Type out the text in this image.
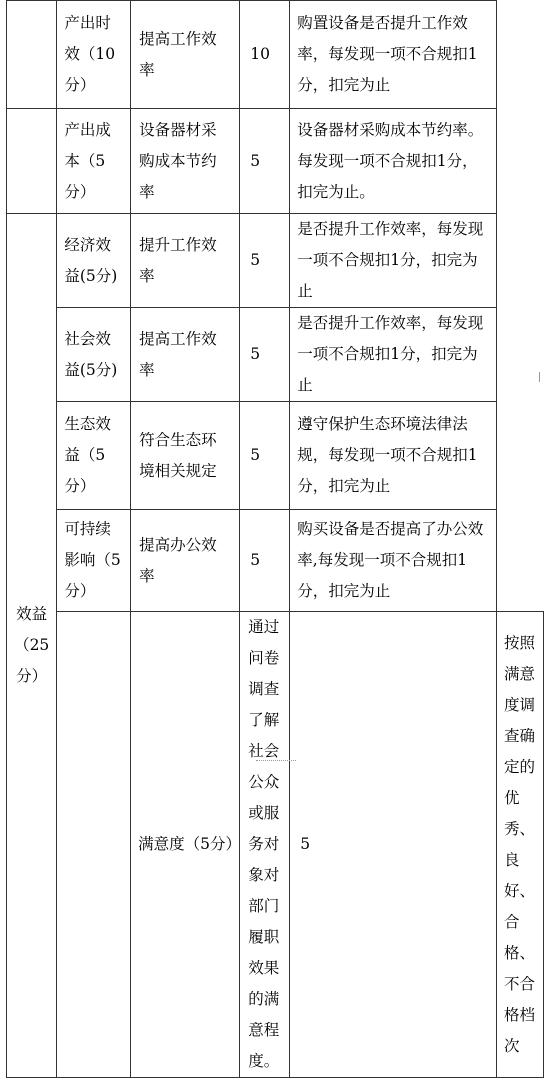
	产出时效（10分）	提高工作效率	10	购置设备是否提升工作效率，每发现一项不合规扣1分，扣完为止	

	产出成本（5分）	设备器材采购成本节约率	5	设备器材采购成本节约率。每发现一项不合规扣1分，扣完为止。	

效益（25分）	经济效益(5分)	提升工作效率	5	是否提升工作效率，每发现一项不合规扣1分，扣完为止	

	社会效益(5分)	提高工作效率	5	是否提升工作效率，每发现一项不合规扣1分，扣完为止	

	生态效益（5分）	符合生态环境相关规定	5	遵守保护生态环境法律法规，每发现一项不合规扣1分，扣完为止	

	可持续影响（5分）	提高办公效率	5	购买设备是否提高了办公效率,每发现一项不合规扣1分，扣完为止	

		满意度（5分）	通过问卷调查了解社会公众或服务对象对部门履职效果的满意程度。	5	按照满意度调查确定的优秀、良好、合格、不合格档次
